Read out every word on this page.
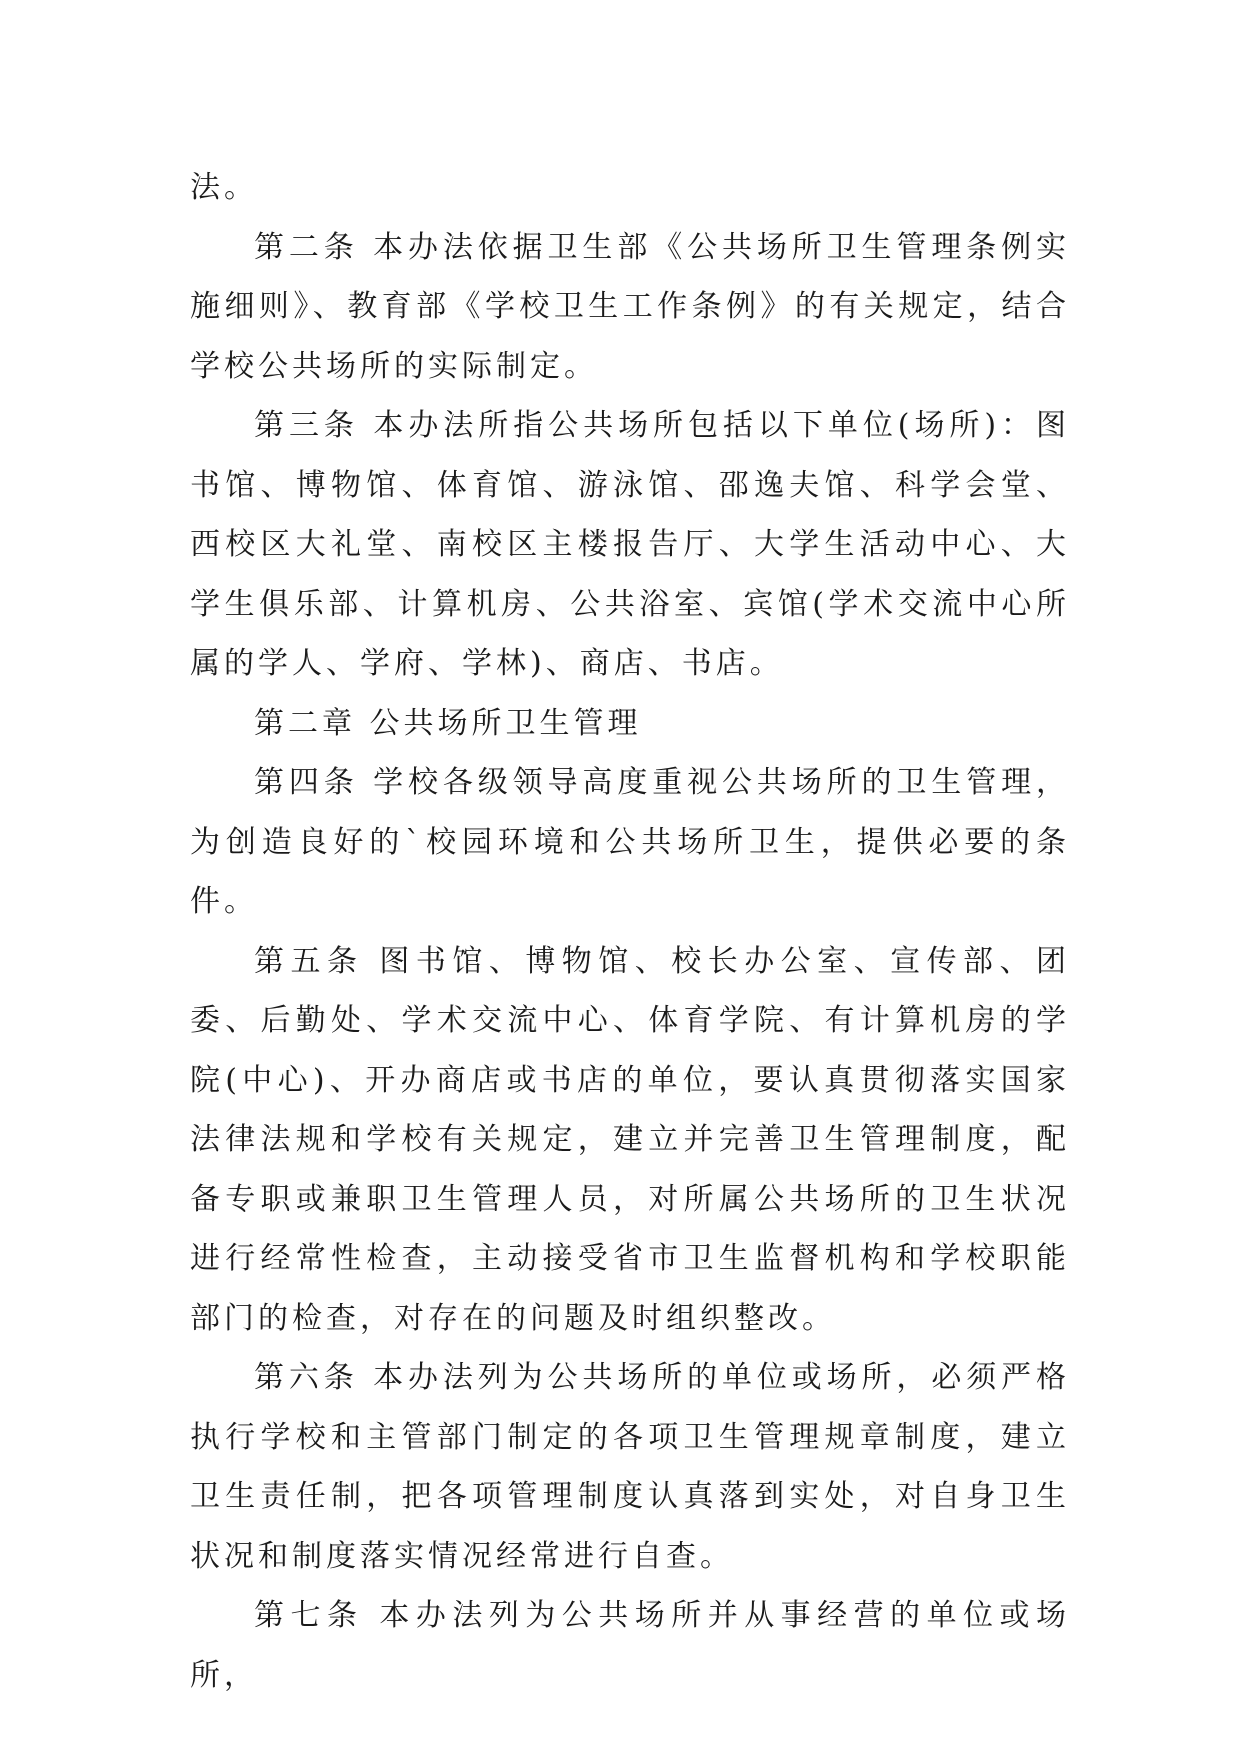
法。

第二条 本办法依据卫生部《公共场所卫生管理条例实施细则》、教育部《学校卫生工作条例》的有关规定，结合学校公共场所的实际制定。

第三条 本办法所指公共场所包括以下单位(场所)：图书馆、博物馆、体育馆、游泳馆、邵逸夫馆、科学会堂、西校区大礼堂、南校区主楼报告厅、大学生活动中心、大学生俱乐部、计算机房、公共浴室、宾馆(学术交流中心所属的学人、学府、学林)、商店、书店。

第二章 公共场所卫生管理

第四条 学校各级领导高度重视公共场所的卫生管理，为创造良好的`校园环境和公共场所卫生，提供必要的条件。

第五条 图书馆、博物馆、校长办公室、宣传部、团委、后勤处、学术交流中心、体育学院、有计算机房的学院(中心)、开办商店或书店的单位，要认真贯彻落实国家法律法规和学校有关规定，建立并完善卫生管理制度，配备专职或兼职卫生管理人员，对所属公共场所的卫生状况进行经常性检查，主动接受省市卫生监督机构和学校职能部门的检查，对存在的问题及时组织整改。

第六条 本办法列为公共场所的单位或场所，必须严格执行学校和主管部门制定的各项卫生管理规章制度，建立卫生责任制，把各项管理制度认真落到实处，对自身卫生状况和制度落实情况经常进行自查。

第七条 本办法列为公共场所并从事经营的单位或场所，
